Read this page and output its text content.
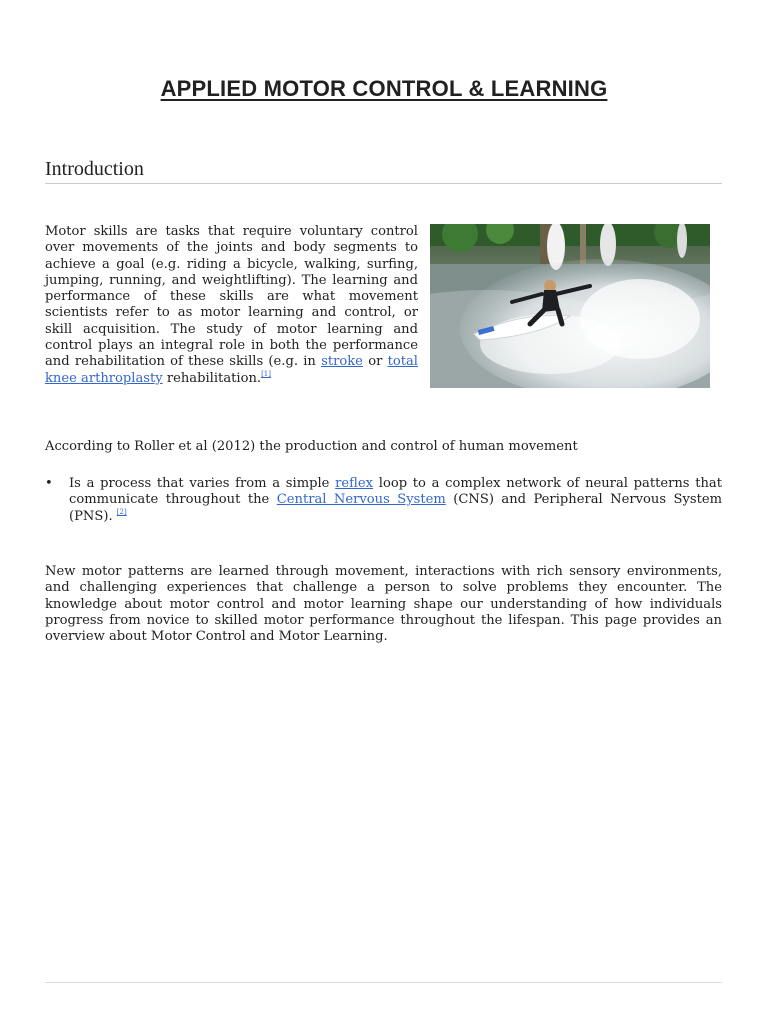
APPLIED MOTOR CONTROL & LEARNING
Introduction
Motor skills are tasks that require voluntary control over movements of the joints and body segments to achieve a goal (e.g. riding a bicycle, walking, surfing, jumping, running, and weightlifting). The learning and performance of these skills are what movement scientists refer to as motor learning and control, or skill acquisition. The study of motor learning and control plays an integral role in both the performance and rehabilitation of these skills (e.g. in stroke or total knee arthroplasty rehabilitation.[1]
According to Roller et al (2012) the production and control of human movement
• Is a process that varies from a simple reflex loop to a complex network of neural patterns that communicate throughout the Central Nervous System (CNS) and Peripheral Nervous System (PNS). [2]
New motor patterns are learned through movement, interactions with rich sensory environments, and challenging experiences that challenge a person to solve problems they encounter. The knowledge about motor control and motor learning shape our understanding of how individuals progress from novice to skilled motor performance throughout the lifespan. This page provides an overview about Motor Control and Motor Learning.
